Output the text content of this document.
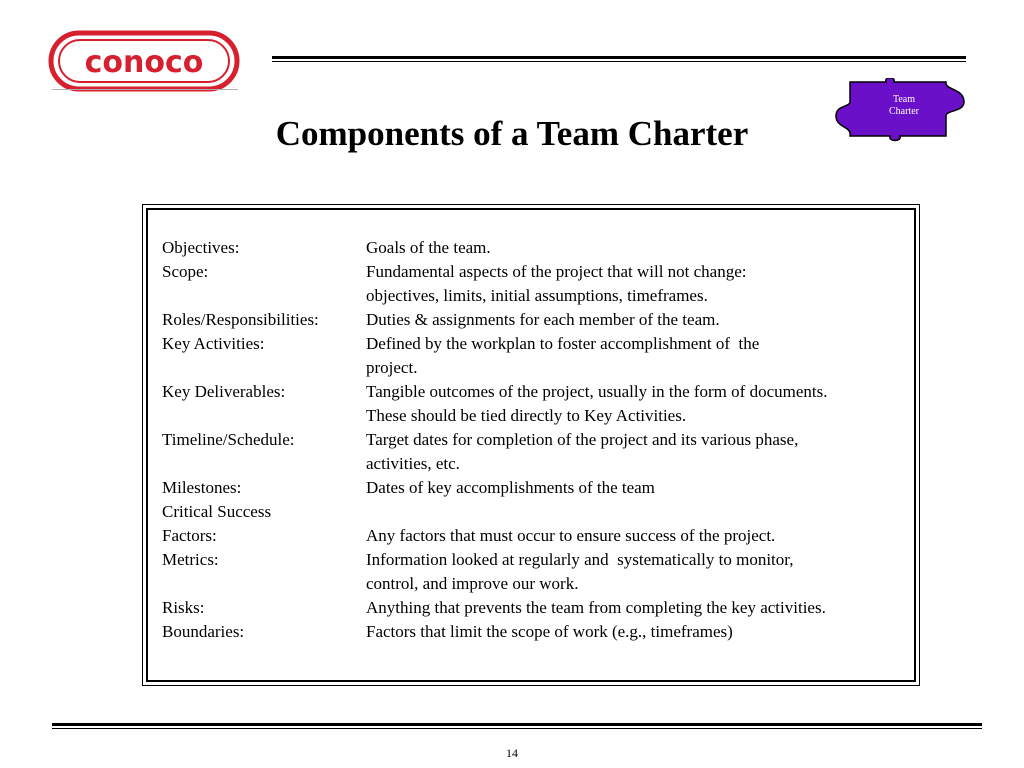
conoco
Components of a Team Charter
Team
Charter
Objectives:	Goals of the team.
Scope:	Fundamental aspects of the project that will not change:
objectives, limits, initial assumptions, timeframes.
Roles/Responsibilities:	Duties & assignments for each member of the team.
Key Activities:	Defined by the workplan to foster accomplishment of  the
project.
Key Deliverables:	Tangible outcomes of the project, usually in the form of documents.
These should be tied directly to Key Activities.
Timeline/Schedule:	Target dates for completion of the project and its various phase,
activities, etc.
Milestones:	Dates of key accomplishments of the team
Critical Success
Factors:	Any factors that must occur to ensure success of the project.
Metrics:	Information looked at regularly and  systematically to monitor,
control, and improve our work.
Risks:	Anything that prevents the team from completing the key activities.
Boundaries:	Factors that limit the scope of work (e.g., timeframes)
14
